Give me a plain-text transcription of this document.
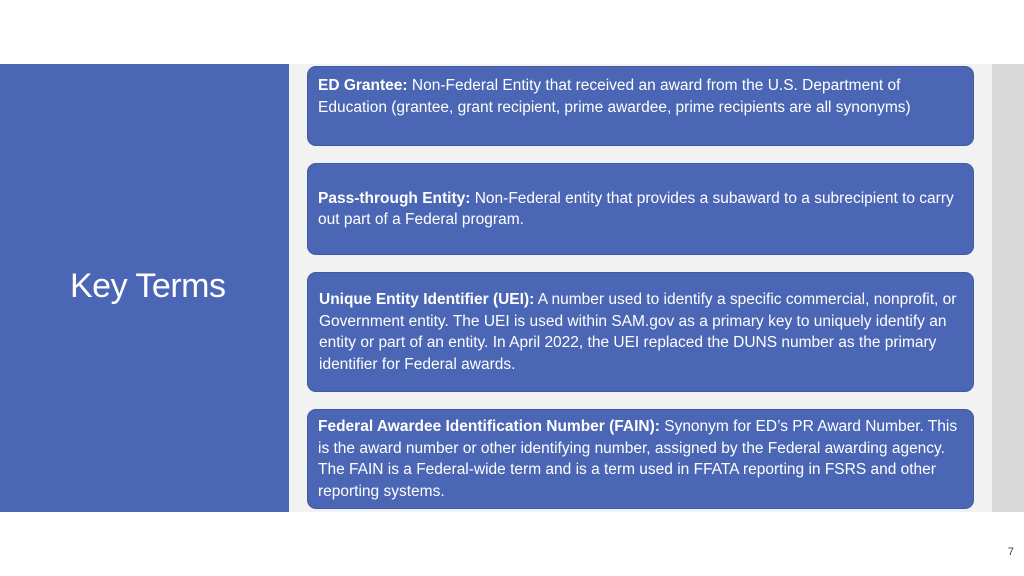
Key Terms

ED Grantee: Non-Federal Entity that received an award from the U.S. Department of Education (grantee, grant recipient, prime awardee, prime recipients are all synonyms)

Pass-through Entity: Non-Federal entity that provides a subaward to a subrecipient to carry out part of a Federal program.

Unique Entity Identifier (UEI): A number used to identify a specific commercial, nonprofit, or Government entity. The UEI is used within SAM.gov as a primary key to uniquely identify an entity or part of an entity. In April 2022, the UEI replaced the DUNS number as the primary identifier for Federal awards.

Federal Awardee Identification Number (FAIN): Synonym for ED’s PR Award Number. This is the award number or other identifying number, assigned by the Federal awarding agency. The FAIN is a Federal-wide term and is a term used in FFATA reporting in FSRS and other reporting systems.

7
